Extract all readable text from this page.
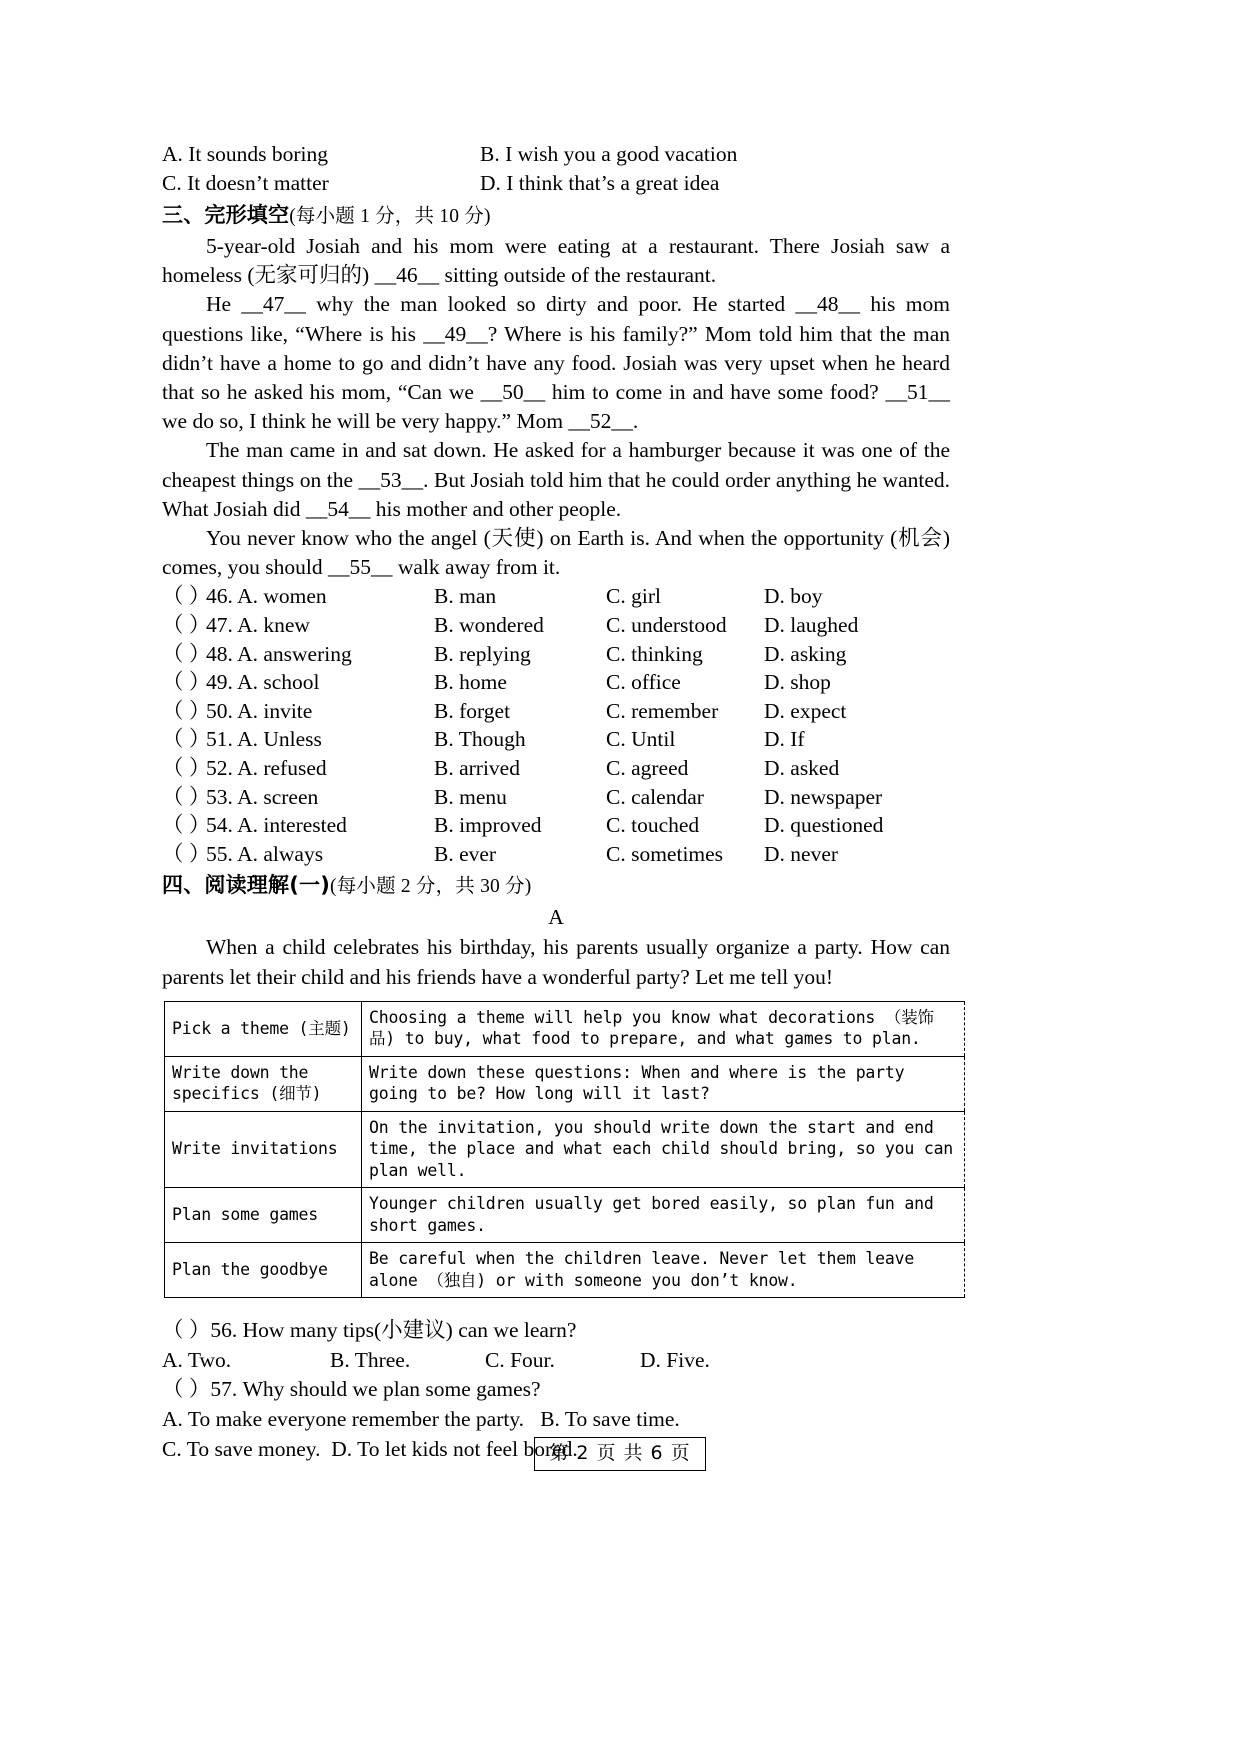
A. It sounds boring	B. I wish you a good vacation
C. It doesn’t matter	D. I think that’s a great idea
三、完形填空(每小题 1 分，共 10 分)

5-year-old Josiah and his mom were eating at a restaurant. There Josiah saw a homeless (无家可归的) __46__ sitting outside of the restaurant.

He __47__ why the man looked so dirty and poor. He started __48__ his mom questions like, “Where is his __49__? Where is his family?” Mom told him that the man didn’t have a home to go and didn’t have any food. Josiah was very upset when he heard that so he asked his mom, “Can we __50__ him to come in and have some food? __51__ we do so, I think he will be very happy.” Mom __52__.

The man came in and sat down. He asked for a hamburger because it was one of the cheapest things on the __53__. But Josiah told him that he could order anything he wanted. What Josiah did __54__ his mother and other people.

You never know who the angel (天使) on Earth is. And when the opportunity (机会) comes, you should __55__ walk away from it.

（ ）
46. A. women	B. man	C. girl	D. boy
（ ）
47. A. knew	B. wondered	C. understood	D. laughed
（ ）
48. A. answering	B. replying	C. thinking	D. asking
（ ）
49. A. school	B. home	C. office	D. shop
（ ）
50. A. invite	B. forget	C. remember	D. expect
（ ）
51. A. Unless	B. Though	C. Until	D. If
（ ）
52. A. refused	B. arrived	C. agreed	D. asked
（ ）
53. A. screen	B. menu	C. calendar	D. newspaper
（ ）
54. A. interested	B. improved	C. touched	D. questioned
（ ）
55. A. always	B. ever	C. sometimes	D. never
四、阅读理解(一)(每小题 2 分，共 30 分)
A

When a child celebrates his birthday, his parents usually organize a party. How can parents let their child and his friends have a wonderful party? Let me tell you!

Pick a theme (主题)	Choosing a theme will help you know what decorations （装饰品) to buy, what food to prepare, and what games to plan.
Write down the specifics (细节)	Write down these questions: When and where is the party going to be? How long will it last?
Write invitations	On the invitation, you should write down the start and end time, the place and what each child should bring, so you can plan well.
Plan some games	Younger children usually get bored easily, so plan fun and short games.
Plan the goodbye	Be careful when the children leave. Never let them leave alone （独自) or with someone you don’t know.
（ ）56. How many tips(小建议) can we learn?
A. Two.	B. Three.	C. Four.	D. Five.
（ ）57. Why should we plan some games?
A. To make everyone remember the party. B. To save time.
C. To save money. D. To let kids not feel bored.
第 2 页 共 6 页
